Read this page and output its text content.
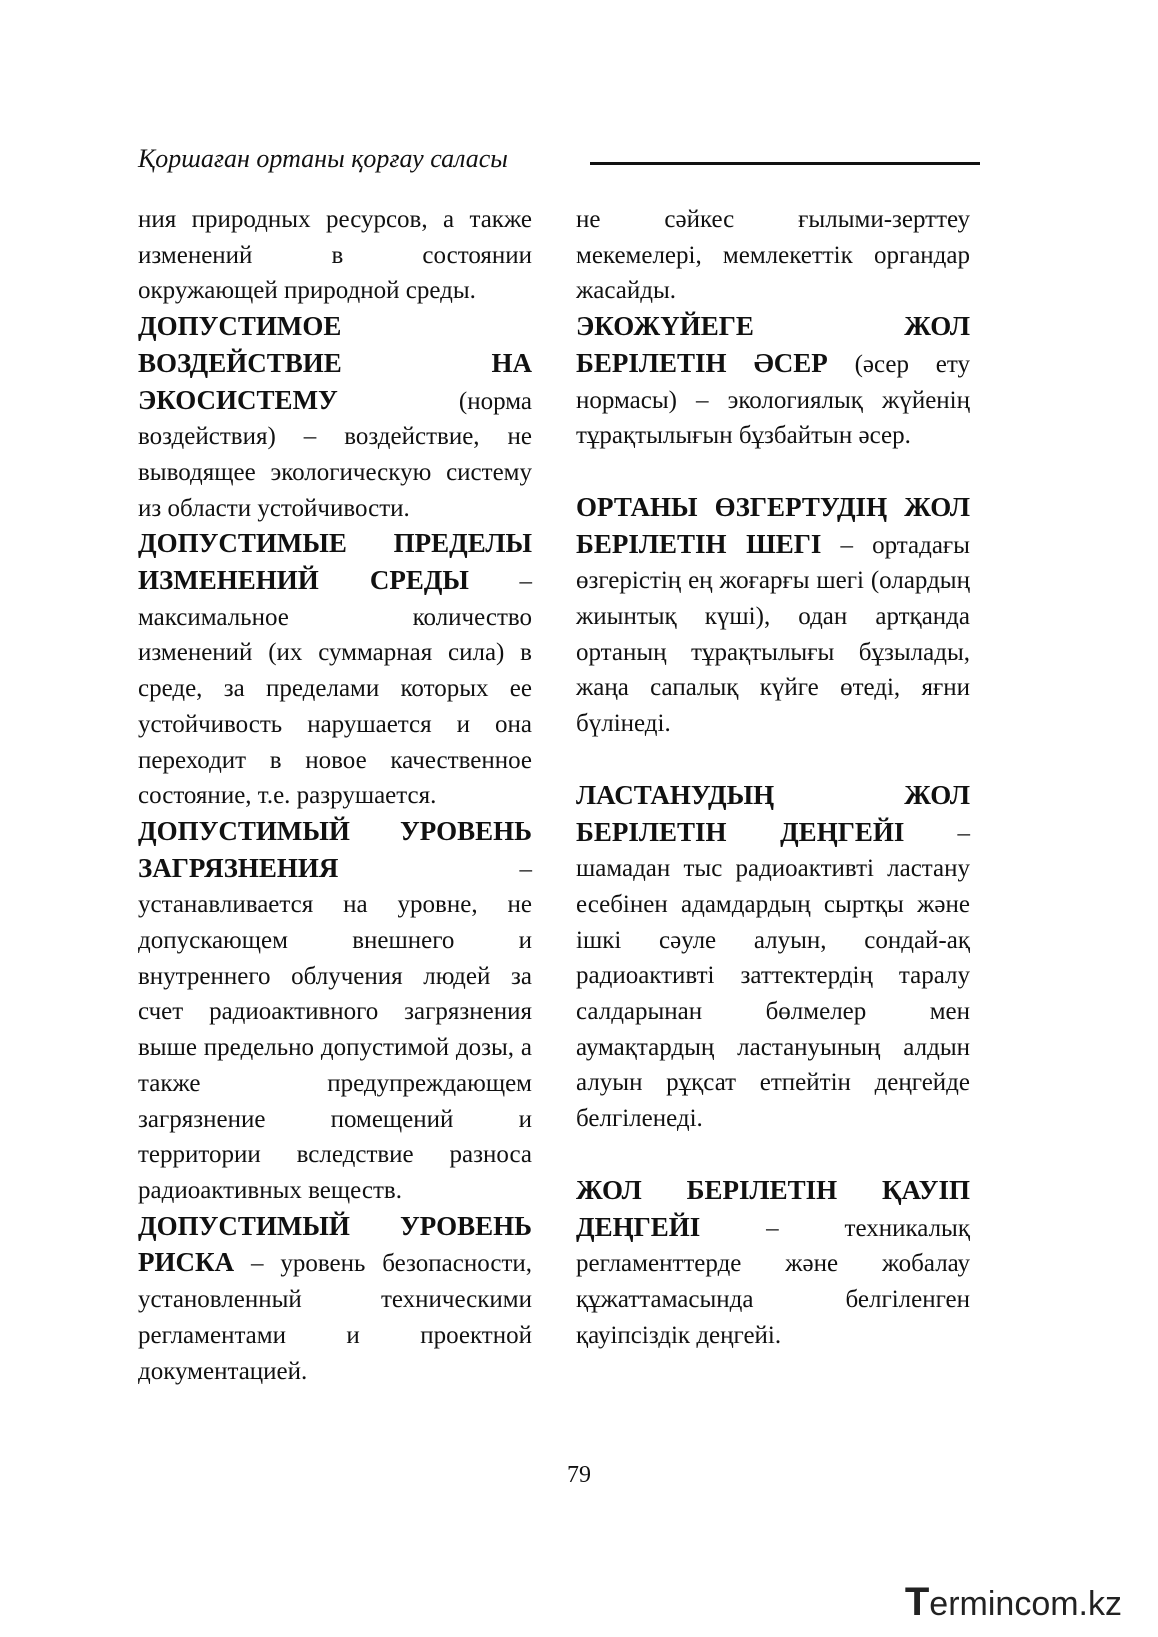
Қоршаған ортаны қорғау саласы

ния природных ресурсов, а также изменений в состоянии окружающей природной среды.

ДОПУСТИМОЕ ВОЗДЕЙСТВИЕ НА ЭКОСИСТЕМУ (норма воздействия) – воздействие, не выводящее экологическую систему из области устойчивости.

ДОПУСТИМЫЕ ПРЕДЕЛЫ ИЗМЕНЕНИЙ СРЕДЫ – максимальное количество изменений (их суммарная сила) в среде, за пределами которых ее устойчивость нарушается и она переходит в новое качественное состояние, т.е. разрушается.

ДОПУСТИМЫЙ УРОВЕНЬ ЗАГРЯЗНЕНИЯ – устанавливается на уровне, не допускающем внешнего и внутреннего облучения людей за счет радиоактивного загрязнения выше предельно допустимой дозы, а также предупреждающем загрязнение помещений и территории вследствие разноса радиоактивных веществ.

ДОПУСТИМЫЙ УРОВЕНЬ РИСКА – уровень безопасности, установленный техническими регламентами и проектной документацией.

не сәйкес ғылыми-зерттеу мекемелері, мемлекеттік органдар жасайды.

ЭКОЖҮЙЕГЕ ЖОЛ БЕРІЛЕТІН ӘСЕР (әсер ету нормасы) – экологиялық жүйенің тұрақтылығын бұзбайтын әсер.

ОРТАНЫ ӨЗГЕРТУДІҢ ЖОЛ БЕРІЛЕТІН ШЕГІ – ортадағы өзгерістің ең жоғарғы шегі (олардың жиынтық күші), одан артқанда ортаның тұрақтылығы бұзылады, жаңа сапалық күйге өтеді, яғни бүлінеді.

ЛАСТАНУДЫҢ ЖОЛ БЕРІЛЕТІН ДЕҢГЕЙІ – шамадан тыс радиоактивті ластану есебінен адамдардың сыртқы және ішкі сәуле алуын, сондай-ақ радиоактивті заттектердің таралу салдарынан бөлмелер мен аумақтардың ластануының алдын алуын рұқсат етпейтін деңгейде белгіленеді.

ЖОЛ БЕРІЛЕТІН ҚАУІП ДЕҢГЕЙІ – техникалық регламенттерде және жобалау құжаттамасында белгіленген қауіпсіздік деңгейі.

79
Termincom.kz
